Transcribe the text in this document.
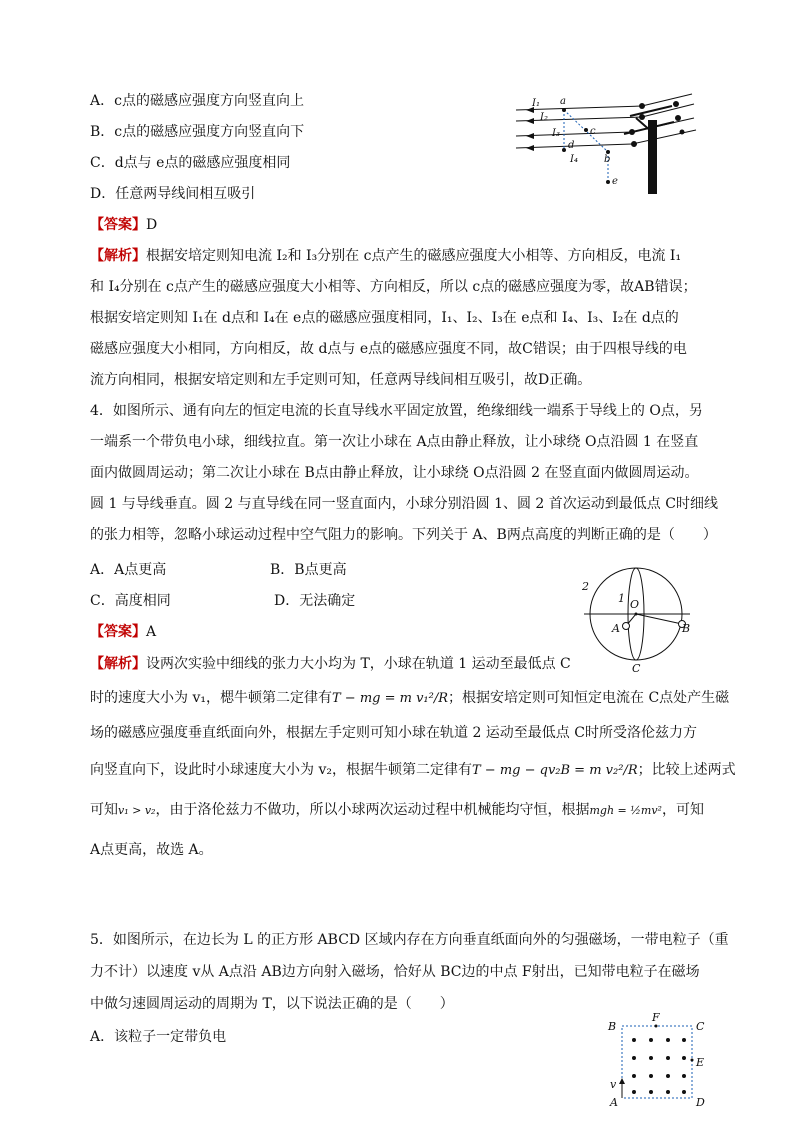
A．c点的磁感应强度方向竖直向上
B．c点的磁感应强度方向竖直向下
C．d点与 e点的磁感应强度相同
D．任意两导线间相互吸引
【答案】D
【解析】根据安培定则知电流 I₂和 I₃分别在 c点产生的磁感应强度大小相等、方向相反，电流 I₁
和 I₄分别在 c点产生的磁感应强度大小相等、方向相反，所以 c点的磁感应强度为零，故AB错误；
根据安培定则知 I₁在 d点和 I₄在 e点的磁感应强度相同，I₁、I₂、I₃在 e点和 I₄、I₃、I₂在 d点的
磁感应强度大小相同，方向相反，故 d点与 e点的磁感应强度不同，故C错误；由于四根导线的电
流方向相同，根据安培定则和左手定则可知，任意两导线间相互吸引，故D正确。
I₁
I₂
I₃
I₄
a
b
c
d
e
4．如图所示、通有向左的恒定电流的长直导线水平固定放置，绝缘细线一端系于导线上的 O点，另
一端系一个带负电小球，细线拉直。第一次让小球在 A点由静止释放，让小球绕 O点沿圆 1 在竖直
面内做圆周运动；第二次让小球在 B点由静止释放，让小球绕 O点沿圆 2 在竖直面内做圆周运动。
圆 1 与导线垂直。圆 2 与直导线在同一竖直面内，小球分别沿圆 1、圆 2 首次运动到最低点 C时细线
的张力相等，忽略小球运动过程中空气阻力的影响。下列关于 A、B两点高度的判断正确的是（　　）
A．A点更高	B．B点更高
C．高度相同	D．无法确定
【答案】A
【解析】设两次实验中细线的张力大小均为 T，小球在轨道 1 运动至最低点 C
时的速度大小为 v₁，楒牛顿第二定律有T − mg = m v₁²/R；根据安培定则可知恒定电流在 C点处产生磁
场的磁感应强度垂直纸面向外，根据左手定则可知小球在轨道 2 运动至最低点 C时所受洛伦兹力方
向竖直向下，设此时小球速度大小为 v₂，根据牛顿第二定律有T − mg − qv₂B = m v₂²/R；比较上述两式
可知v₁ > v₂，由于洛伦兹力不做功，所以小球两次运动过程中机械能均守恒，根据mgh = ½mv²，可知
A点更高，故选 A。
2
1 O
A	B
C
5．如图所示，在边长为 L 的正方形 ABCD 区域内存在方向垂直纸面向外的匀强磁场，一带电粒子（重
力不计）以速度 v从 A点沿 AB边方向射入磁场，恰好从 BC边的中点 F射出，已知带电粒子在磁场
中做匀速圆周运动的周期为 T，以下说法正确的是（　　）
A．该粒子一定带负电
B
F
C
E
v
A	D
